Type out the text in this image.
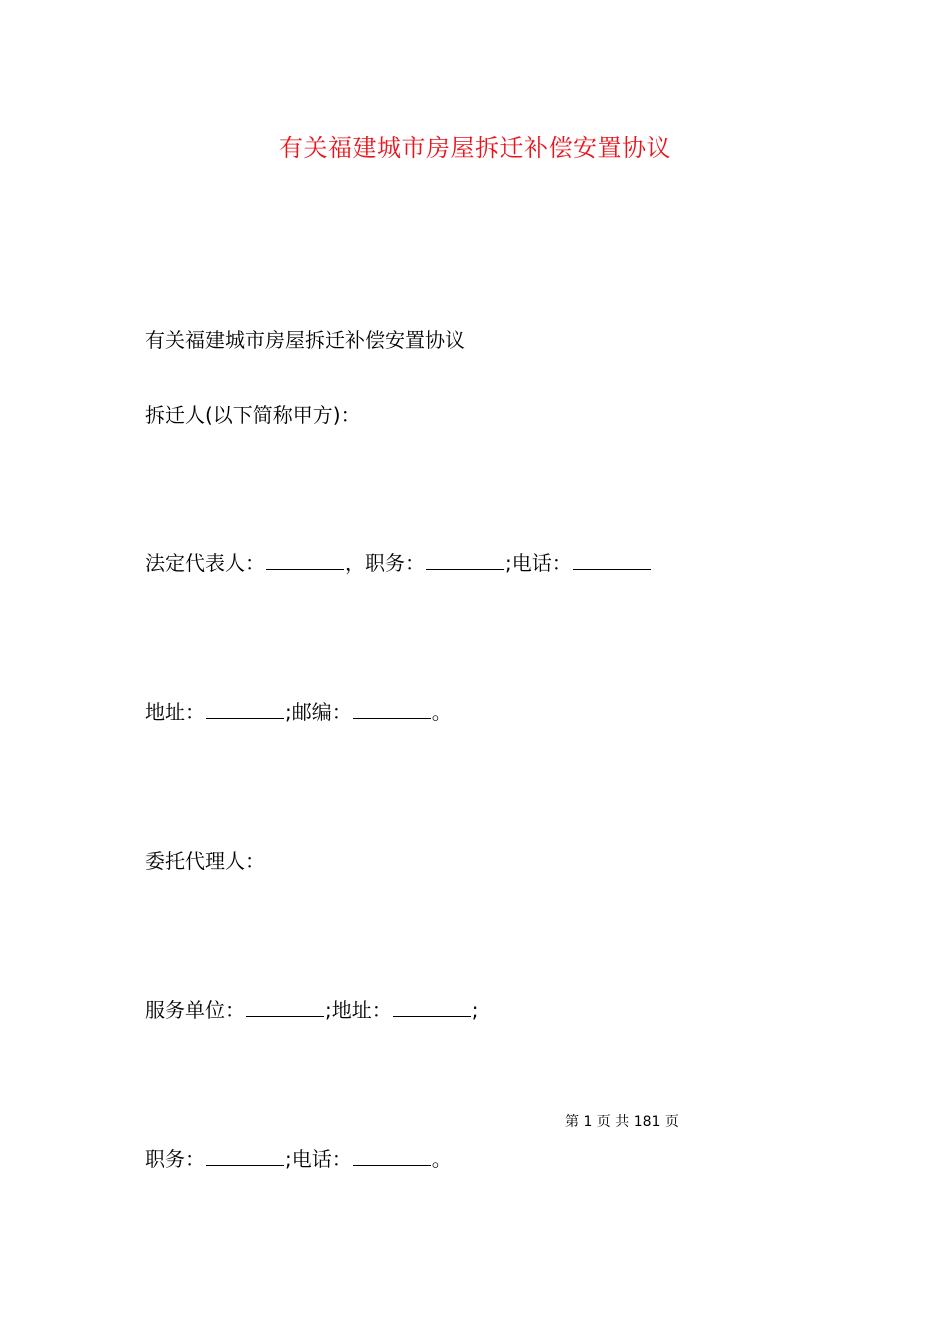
有关福建城市房屋拆迁补偿安置协议
有关福建城市房屋拆迁补偿安置协议
拆迁人(以下简称甲方)：
法定代表人：	，职务：	;电话：
地址：	;邮编：	。
委托代理人：
服务单位：	;地址：	;
第 1 页 共 181 页
职务：	;电话：	。
